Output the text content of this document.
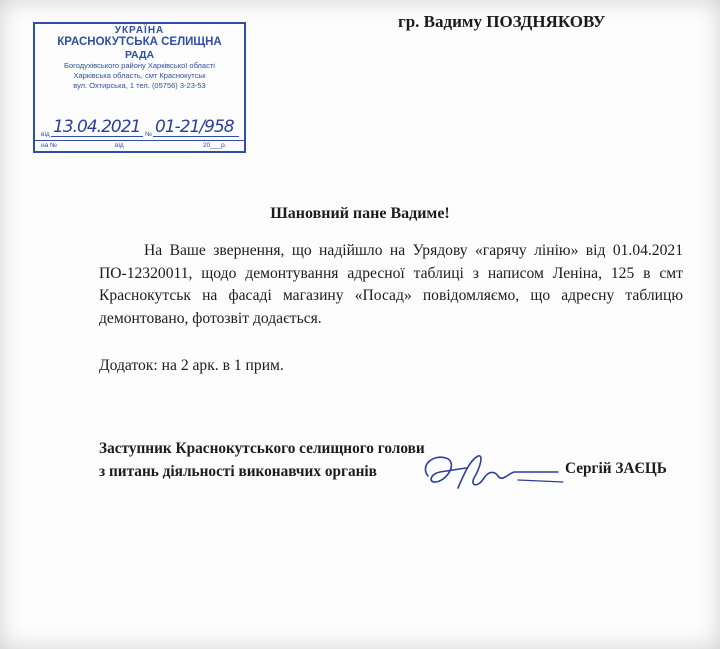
УКРАЇНА
КРАСНОКУТСЬКА СЕЛИЩНА
РАДА
Богодухівського району Харківської області
Харківська область, смт Краснокутськ
вул. Охтирська, 1 тел. (05756) 3-23-53
від 13.04.2021 № 01-21/958
на №	від	20___р.
гр. Вадиму ПОЗДНЯКОВУ
Шановний пане Вадиме!
На Ваше звернення, що надійшло на Урядову «гарячу лінію» від 01.04.2021 ПО-12320011, щодо демонтування адресної таблиці з написом Леніна, 125 в смт Краснокутськ на фасаді магазину «Посад» повідомляємо, що адресну таблицю демонтовано, фотозвіт додається.
Додаток: на 2 арк. в 1 прим.
Заступник Краснокутського селищного голови
з питань діяльності виконавчих органів	Сергій ЗАЄЦЬ
